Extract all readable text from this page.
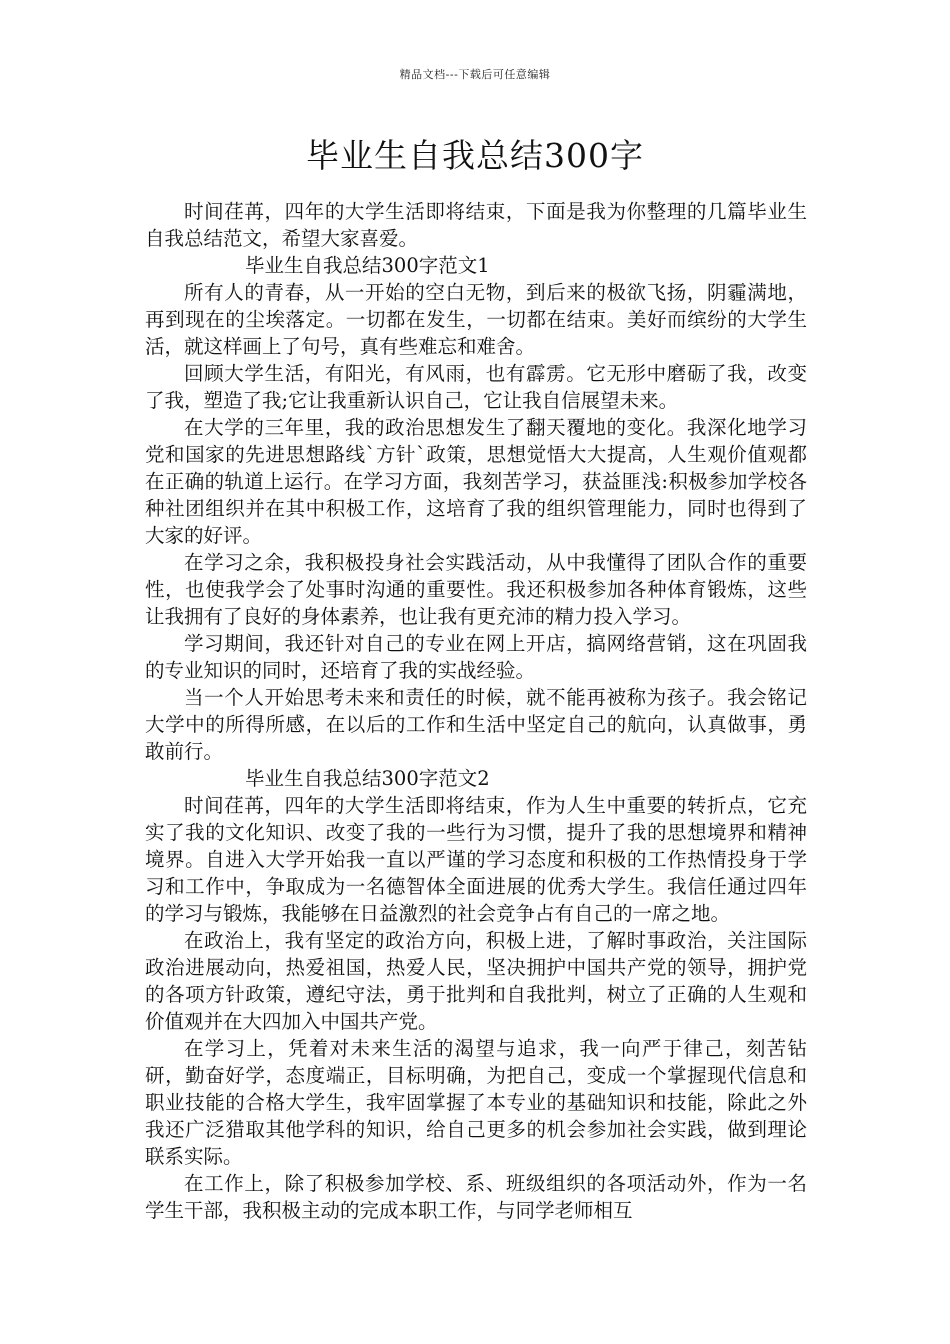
精品文档---下载后可任意编辑
毕业生自我总结300字

时间荏苒，四年的大学生活即将结束，下面是我为你整理的几篇毕业生自我总结范文，希望大家喜爱。

毕业生自我总结300字范文1

所有人的青春，从一开始的空白无物，到后来的极欲飞扬，阴霾满地，再到现在的尘埃落定。一切都在发生，一切都在结束。美好而缤纷的大学生活，就这样画上了句号，真有些难忘和难舍。

回顾大学生活，有阳光，有风雨，也有霹雳。它无形中磨砺了我，改变了我，塑造了我;它让我重新认识自己，它让我自信展望未来。

在大学的三年里，我的政治思想发生了翻天覆地的变化。我深化地学习党和国家的先进思想路线`方针`政策，思想觉悟大大提高，人生观价值观都在正确的轨道上运行。在学习方面，我刻苦学习，获益匪浅:积极参加学校各种社团组织并在其中积极工作，这培育了我的组织管理能力，同时也得到了大家的好评。

在学习之余，我积极投身社会实践活动，从中我懂得了团队合作的重要性，也使我学会了处事时沟通的重要性。我还积极参加各种体育锻炼，这些让我拥有了良好的身体素养，也让我有更充沛的精力投入学习。

学习期间，我还针对自己的专业在网上开店，搞网络营销，这在巩固我的专业知识的同时，还培育了我的实战经验。

当一个人开始思考未来和责任的时候，就不能再被称为孩子。我会铭记大学中的所得所感，在以后的工作和生活中坚定自己的航向，认真做事，勇敢前行。

毕业生自我总结300字范文2

时间荏苒，四年的大学生活即将结束，作为人生中重要的转折点，它充实了我的文化知识、改变了我的一些行为习惯，提升了我的思想境界和精神境界。自进入大学开始我一直以严谨的学习态度和积极的工作热情投身于学习和工作中，争取成为一名德智体全面进展的优秀大学生。我信任通过四年的学习与锻炼，我能够在日益激烈的社会竞争占有自己的一席之地。

在政治上，我有坚定的政治方向，积极上进，了解时事政治，关注国际政治进展动向，热爱祖国，热爱人民，坚决拥护中国共产党的领导，拥护党的各项方针政策，遵纪守法，勇于批判和自我批判，树立了正确的人生观和价值观并在大四加入中国共产党。

在学习上，凭着对未来生活的渴望与追求，我一向严于律己，刻苦钻研，勤奋好学，态度端正，目标明确，为把自己，变成一个掌握现代信息和职业技能的合格大学生，我牢固掌握了本专业的基础知识和技能，除此之外我还广泛猎取其他学科的知识，给自己更多的机会参加社会实践，做到理论联系实际。

在工作上，除了积极参加学校、系、班级组织的各项活动外，作为一名学生干部，我积极主动的完成本职工作，与同学老师相互
